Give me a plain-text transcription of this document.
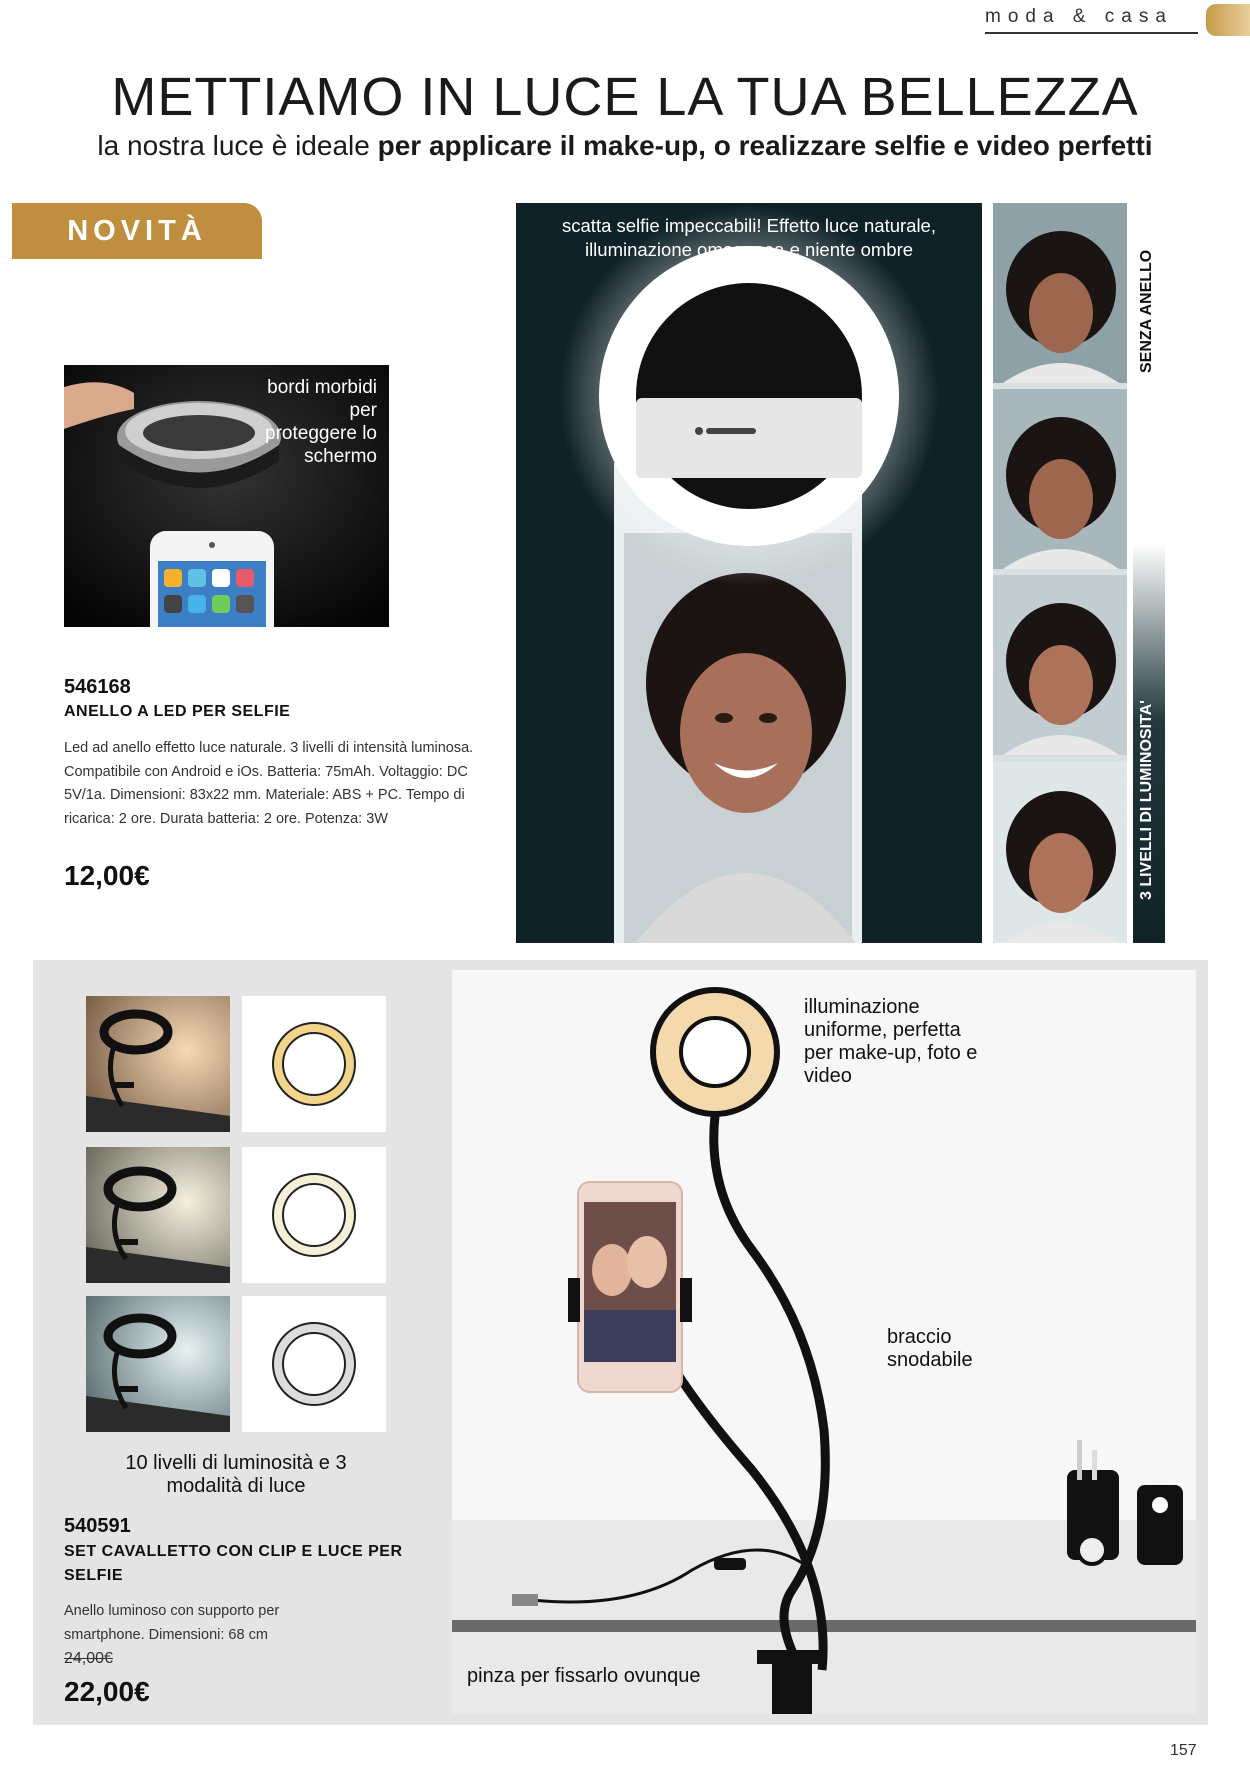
moda & casa
METTIAMO IN LUCE LA TUA BELLEZZA
la nostra luce è ideale per applicare il make-up, o realizzare selfie e video perfetti
NOVITÀ
bordi morbidi per proteggere lo schermo
546168
ANELLO A LED PER SELFIE
Led ad anello effetto luce naturale. 3 livelli di intensità luminosa. Compatibile con Android e iOs. Batteria: 75mAh. Voltaggio: DC 5V/1a. Dimensioni: 83x22 mm. Materiale: ABS + PC. Tempo di ricarica: 2 ore. Durata batteria: 2 ore. Potenza: 3W
12,00€
scatta selfie impeccabili! Effetto luce naturale, illuminazione omogenea e niente ombre
SENZA ANELLO
3 LIVELLI DI LUMINOSITA'
10 livelli di luminosità e 3 modalità di luce
540591
SET CAVALLETTO CON CLIP E LUCE PER SELFIE
Anello luminoso con supporto per smartphone. Dimensioni: 68 cm
24,00€
22,00€
illuminazione uniforme, perfetta per make-up, foto e video
braccio snodabile
pinza per fissarlo ovunque
157
